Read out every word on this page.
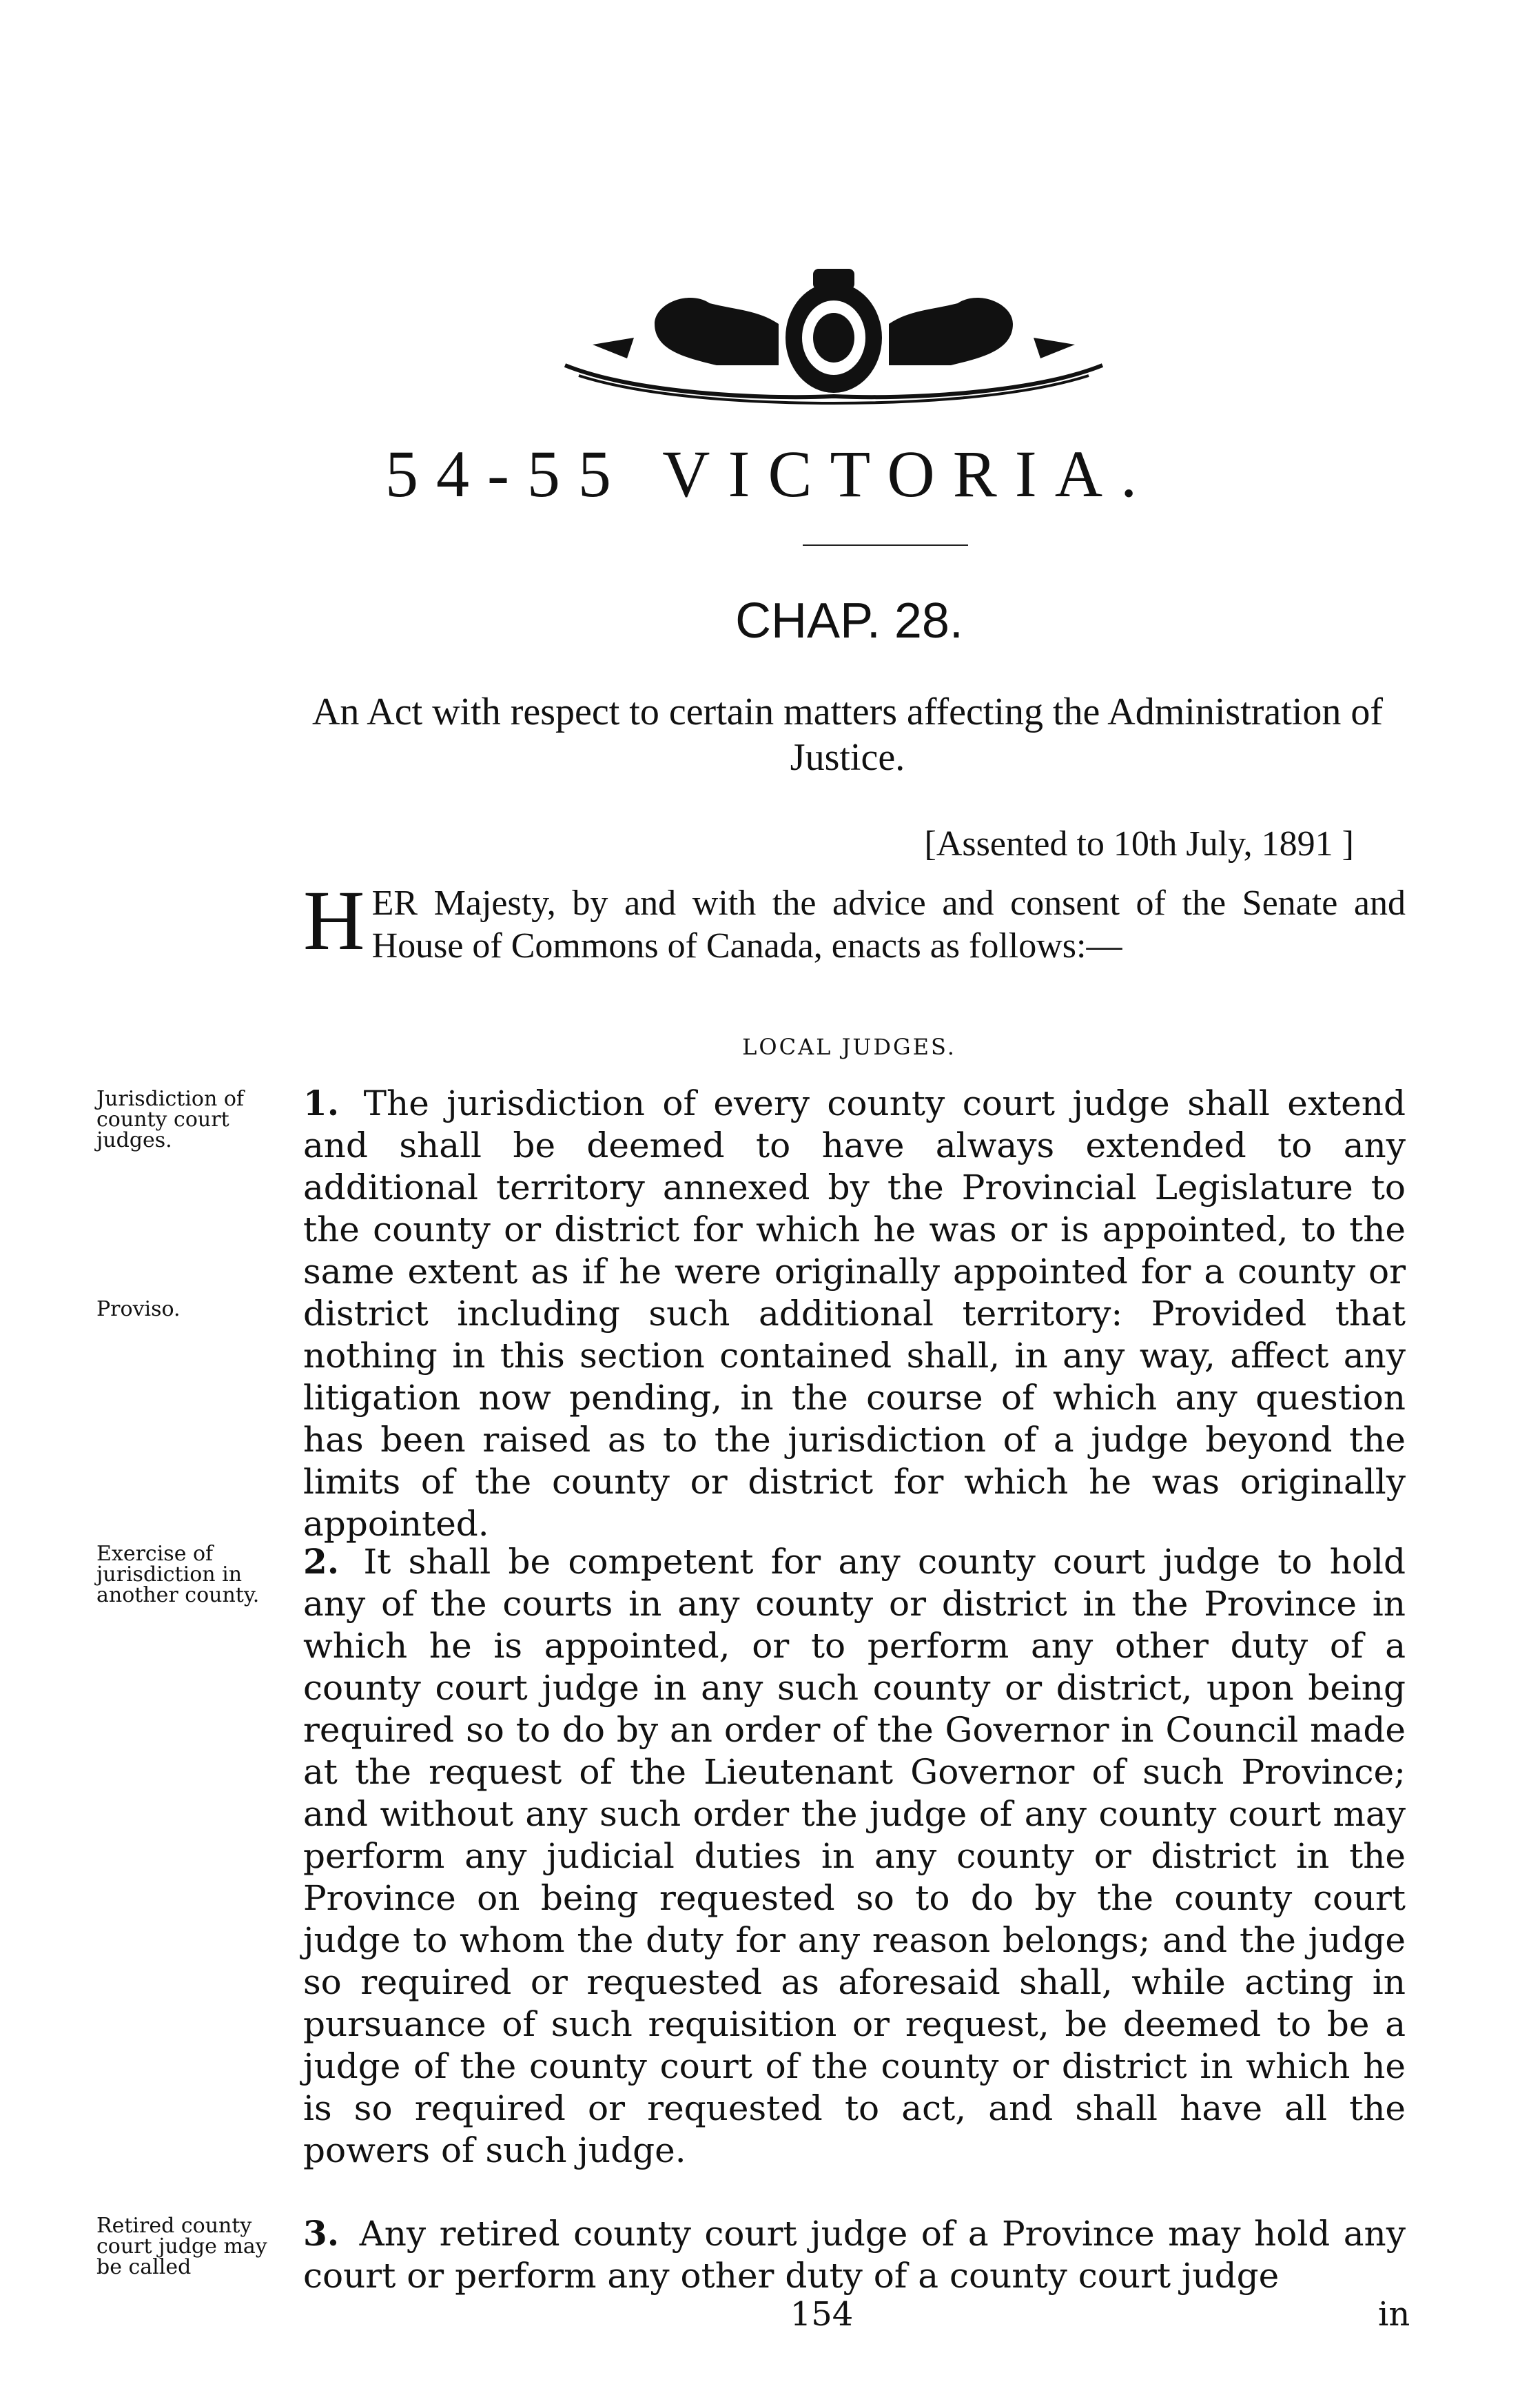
54-55 VICTORIA.
CHAP. 28.
An Act with respect to certain matters affecting the Administration of Justice.
[Assented to 10th July, 1891 ]
H ER Majesty, by and with the advice and consent of the Senate and House of Commons of Canada, enacts as follows:—
LOCAL JUDGES.
Jurisdiction of county court judges.
Proviso.
Exercise of jurisdiction in another county.
Retired county court judge may be called
1. The jurisdiction of every county court judge shall extend and shall be deemed to have always extended to any additional territory annexed by the Provincial Legislature to the county or district for which he was or is appointed, to the same extent as if he were originally appointed for a county or district including such additional territory: Provided that nothing in this section contained shall, in any way, affect any litigation now pending, in the course of which any question has been raised as to the jurisdiction of a judge beyond the limits of the county or district for which he was originally appointed.
2. It shall be competent for any county court judge to hold any of the courts in any county or district in the Province in which he is appointed, or to perform any other duty of a county court judge in any such county or district, upon being required so to do by an order of the Governor in Council made at the request of the Lieutenant Governor of such Province; and without any such order the judge of any county court may perform any judicial duties in any county or district in the Province on being requested so to do by the county court judge to whom the duty for any reason belongs; and the judge so required or requested as aforesaid shall, while acting in pursuance of such requisition or request, be deemed to be a judge of the county court of the county or district in which he is so required or requested to act, and shall have all the powers of such judge.
3. Any retired county court judge of a Province may hold any court or perform any other duty of a county court judge
154	in
